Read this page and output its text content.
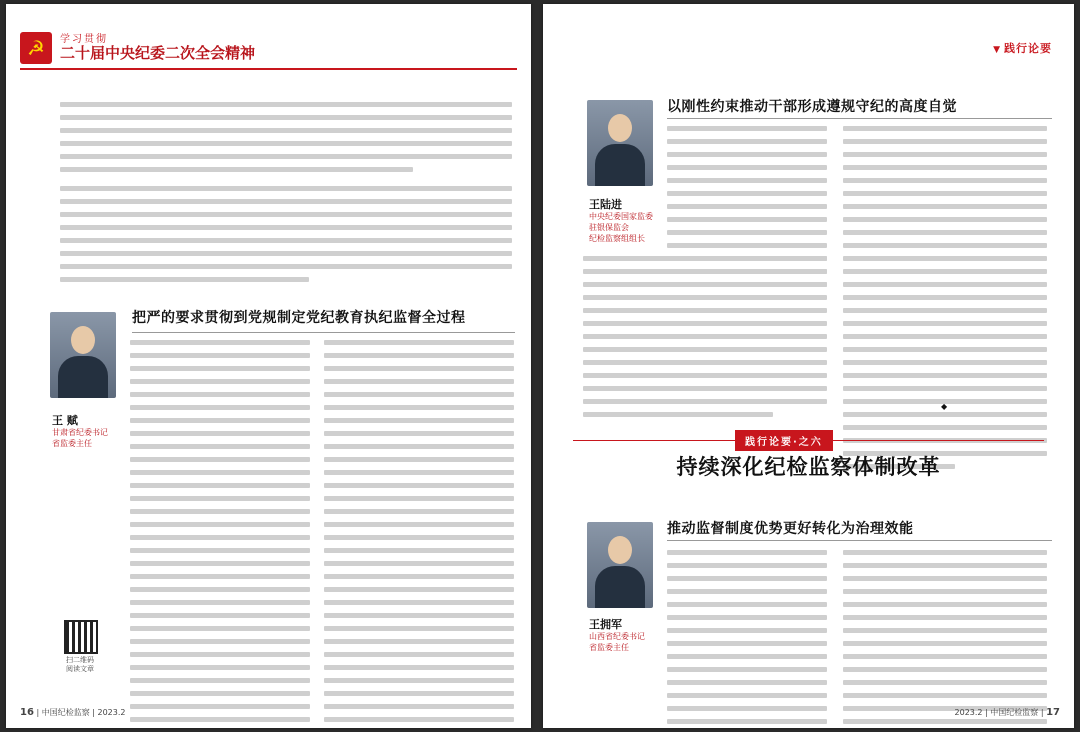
☭	学习贯彻
二十届中央纪委二次全会精神
把严的要求贯彻到党规制定党纪教育执纪监督全过程
王 赋
甘肃省纪委书记
省监委主任
扫二维码
阅读文章
16 | 中国纪检监察 | 2023.2
▼ 践行论要
以刚性约束推动干部形成遵规守纪的高度自觉
王陆进
中央纪委国家监委
驻银保监会
纪检监察组组长
◆
践行论要·之六
持续深化纪检监察体制改革
推动监督制度优势更好转化为治理效能
王拥军
山西省纪委书记
省监委主任
2023.2 | 中国纪检监察 | 17
